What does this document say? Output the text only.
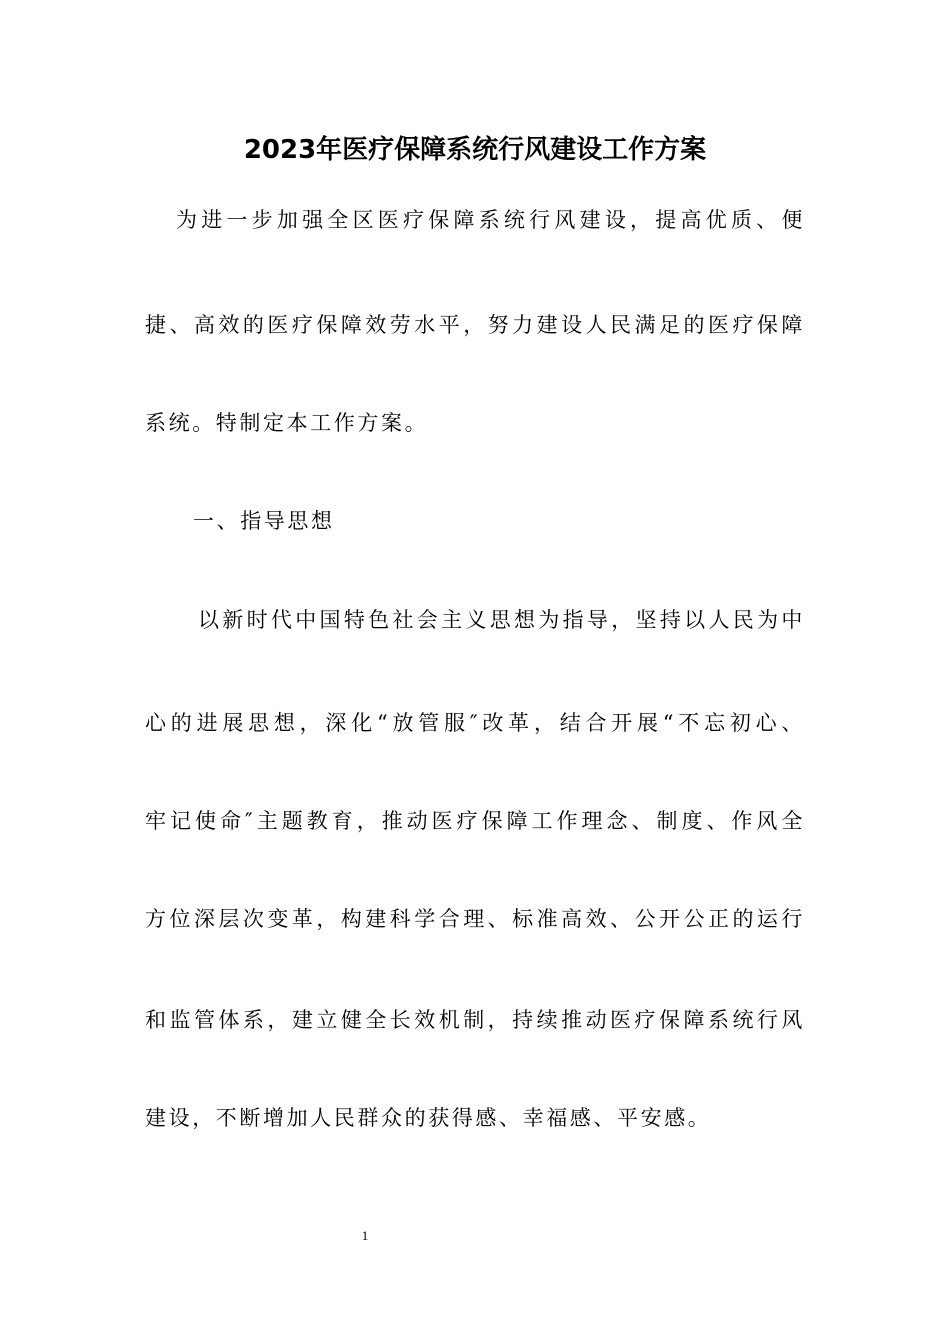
2023年医疗保障系统行风建设工作方案
为进一步加强全区医疗保障系统行风建设，提高优质、便
捷、高效的医疗保障效劳水平，努力建设人民满足的医疗保障
系统。特制定本工作方案。
一、指导思想
以新时代中国特色社会主义思想为指导，坚持以人民为中
心的进展思想，深化“放管服″改革，结合开展“不忘初心、
牢记使命″主题教育，推动医疗保障工作理念、制度、作风全
方位深层次变革，构建科学合理、标准高效、公开公正的运行
和监管体系，建立健全长效机制，持续推动医疗保障系统行风
建设，不断增加人民群众的获得感、幸福感、平安感。
1
